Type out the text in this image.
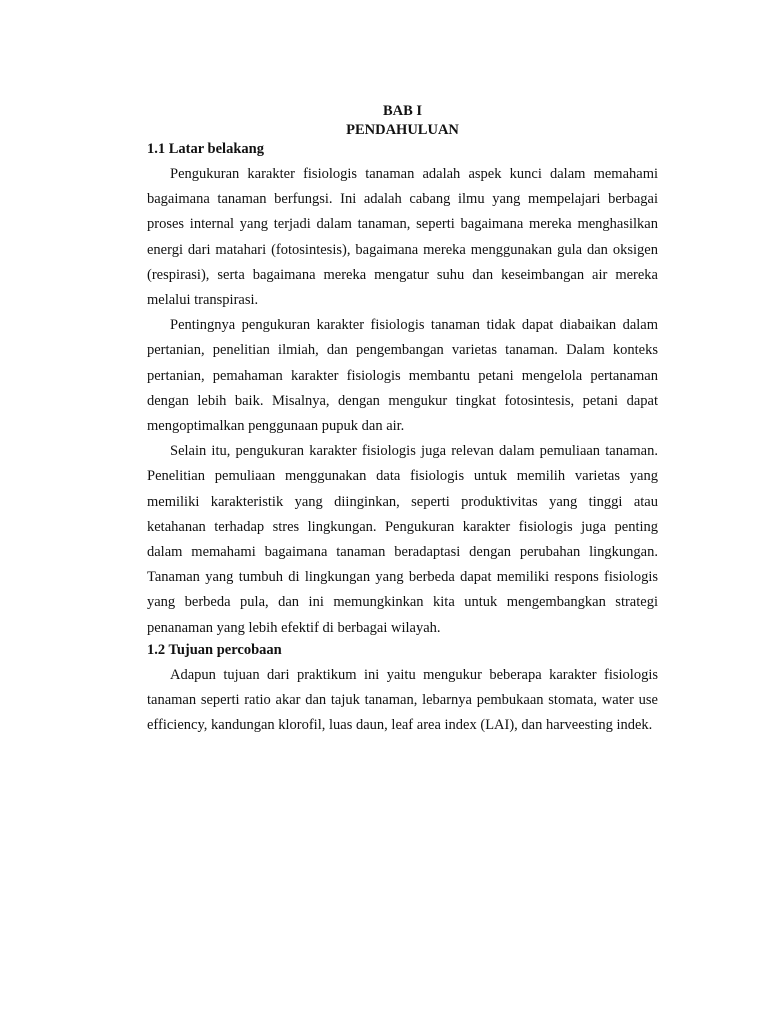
BAB I
PENDAHULUAN
1.1 Latar belakang

Pengukuran karakter fisiologis tanaman adalah aspek kunci dalam memahami bagaimana tanaman berfungsi. Ini adalah cabang ilmu yang mempelajari berbagai proses internal yang terjadi dalam tanaman, seperti bagaimana mereka menghasilkan energi dari matahari (fotosintesis), bagaimana mereka menggunakan gula dan oksigen (respirasi), serta bagaimana mereka mengatur suhu dan keseimbangan air mereka melalui transpirasi.

Pentingnya pengukuran karakter fisiologis tanaman tidak dapat diabaikan dalam pertanian, penelitian ilmiah, dan pengembangan varietas tanaman. Dalam konteks pertanian, pemahaman karakter fisiologis membantu petani mengelola pertanaman dengan lebih baik. Misalnya, dengan mengukur tingkat fotosintesis, petani dapat mengoptimalkan penggunaan pupuk dan air.

Selain itu, pengukuran karakter fisiologis juga relevan dalam pemuliaan tanaman. Penelitian pemuliaan menggunakan data fisiologis untuk memilih varietas yang memiliki karakteristik yang diinginkan, seperti produktivitas yang tinggi atau ketahanan terhadap stres lingkungan. Pengukuran karakter fisiologis juga penting dalam memahami bagaimana tanaman beradaptasi dengan perubahan lingkungan. Tanaman yang tumbuh di lingkungan yang berbeda dapat memiliki respons fisiologis yang berbeda pula, dan ini memungkinkan kita untuk mengembangkan strategi penanaman yang lebih efektif di berbagai wilayah.

1.2 Tujuan percobaan

Adapun tujuan dari praktikum ini yaitu mengukur beberapa karakter fisiologis tanaman seperti ratio akar dan tajuk tanaman, lebarnya pembukaan stomata, water use efficiency, kandungan klorofil, luas daun, leaf area index (LAI), dan harveesting indek.
